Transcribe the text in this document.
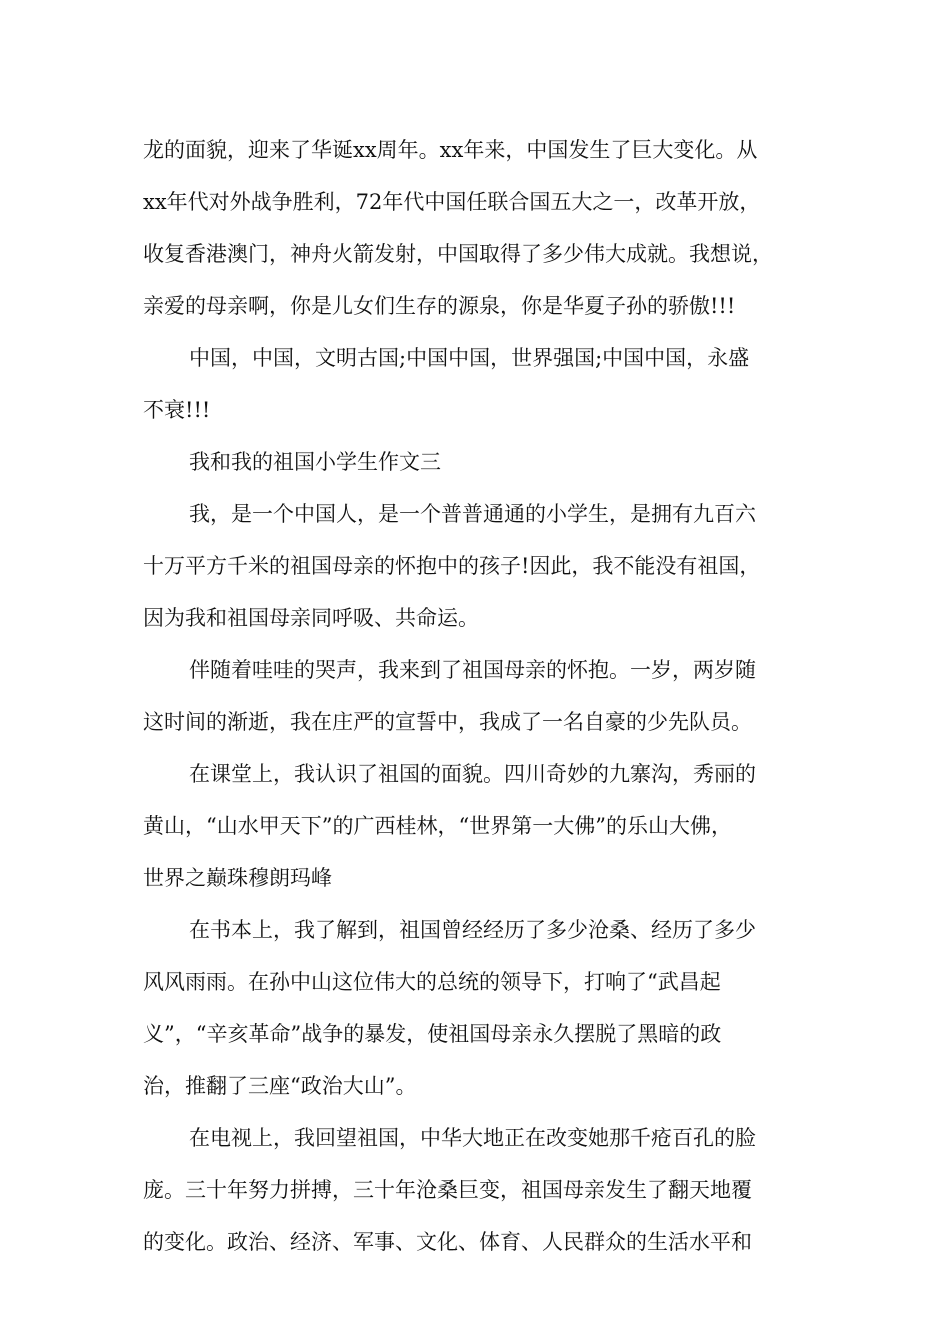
龙的面貌，迎来了华诞xx周年。xx年来，中国发生了巨大变化。从
xx年代对外战争胜利，72年代中国任联合国五大之一，改革开放，
收复香港澳门，神舟火箭发射，中国取得了多少伟大成就。我想说，
亲爱的母亲啊，你是儿女们生存的源泉，你是华夏子孙的骄傲!!!
中国，中国，文明古国;中国中国，世界强国;中国中国，永盛
不衰!!!
我和我的祖国小学生作文三
我，是一个中国人，是一个普普通通的小学生，是拥有九百六
十万平方千米的祖国母亲的怀抱中的孩子!因此，我不能没有祖国，
因为我和祖国母亲同呼吸、共命运。
伴随着哇哇的哭声，我来到了祖国母亲的怀抱。一岁，两岁随
这时间的渐逝，我在庄严的宣誓中，我成了一名自豪的少先队员。
在课堂上，我认识了祖国的面貌。四川奇妙的九寨沟，秀丽的
黄山，“山水甲天下”的广西桂林，“世界第一大佛”的乐山大佛，
世界之巅珠穆朗玛峰
在书本上，我了解到，祖国曾经经历了多少沧桑、经历了多少
风风雨雨。在孙中山这位伟大的总统的领导下，打响了“武昌起
义”，“辛亥革命”战争的暴发，使祖国母亲永久摆脱了黑暗的政
治，推翻了三座“政治大山”。
在电视上，我回望祖国，中华大地正在改变她那千疮百孔的脸
庞。三十年努力拼搏，三十年沧桑巨变，祖国母亲发生了翻天地覆
的变化。政治、经济、军事、文化、体育、人民群众的生活水平和
